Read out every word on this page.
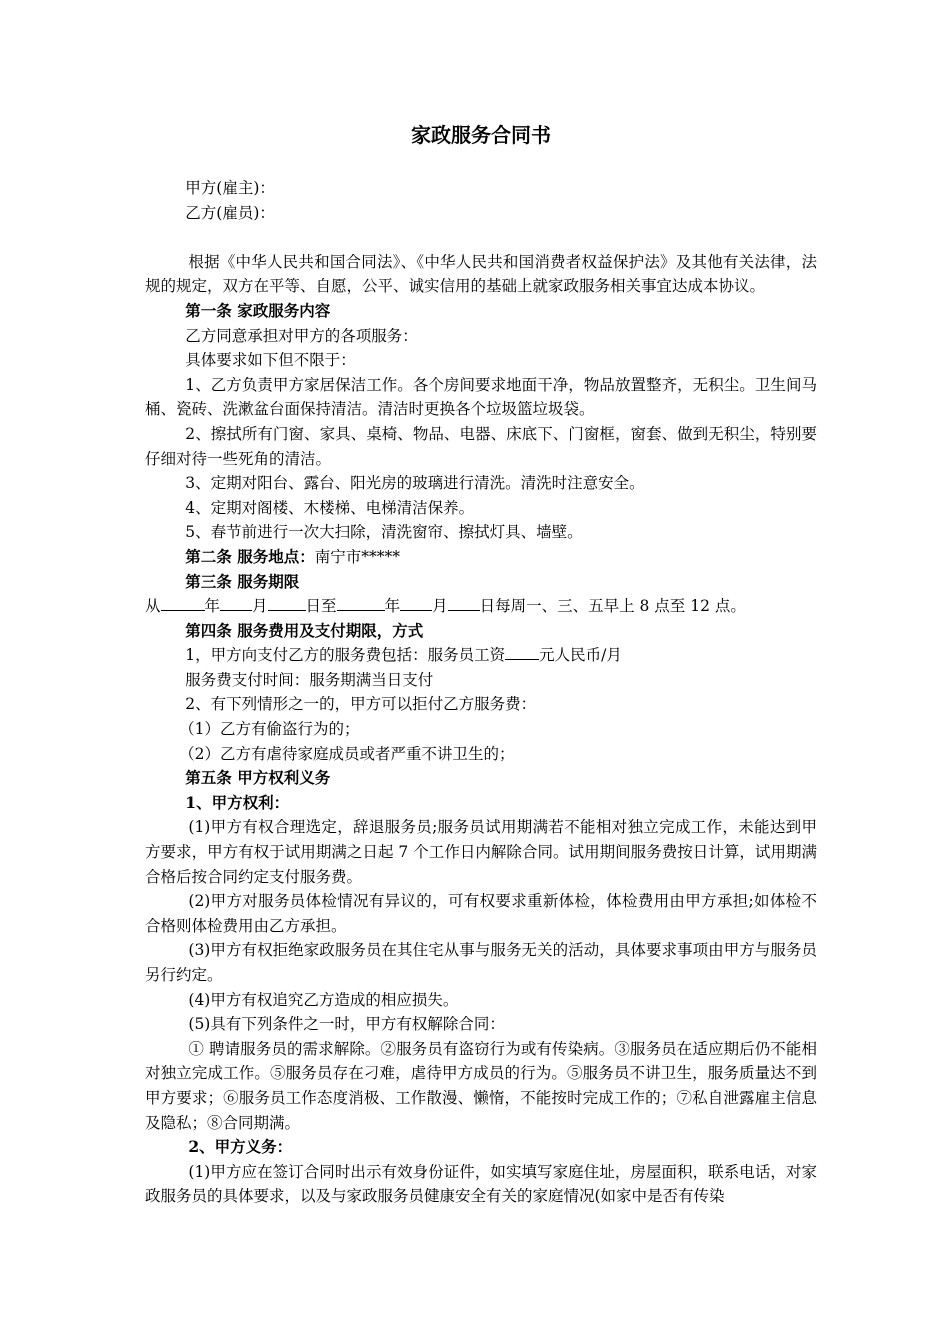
家政服务合同书

甲方(雇主)：

乙方(雇员)：

根据《中华人民共和国合同法》、《中华人民共和国消费者权益保护法》及其他有关法律，法规的规定，双方在平等、自愿，公平、诚实信用的基础上就家政服务相关事宜达成本协议。

第一条 家政服务内容

乙方同意承担对甲方的各项服务：

具体要求如下但不限于：

1、乙方负责甲方家居保洁工作。各个房间要求地面干净，物品放置整齐，无积尘。卫生间马桶、瓷砖、洗漱盆台面保持清洁。清洁时更换各个垃圾篮垃圾袋。

2、擦拭所有门窗、家具、桌椅、物品、电器、床底下、门窗框，窗套、做到无积尘，特别要仔细对待一些死角的清洁。

3、定期对阳台、露台、阳光房的玻璃进行清洗。清洗时注意安全。

4、定期对阁楼、木楼梯、电梯清洁保养。

5、春节前进行一次大扫除，清洗窗帘、擦拭灯具、墙壁。

第二条 服务地点：南宁市*****

第三条 服务期限

从	年 月 日至	年 月 日每周一、三、五早上 8 点至 12 点。

第四条 服务费用及支付期限，方式

1，甲方向支付乙方的服务费包括：服务员工资 元人民币/月

服务费支付时间：服务期满当日支付

2、有下列情形之一的，甲方可以拒付乙方服务费：

（1）乙方有偷盗行为的；

（2）乙方有虐待家庭成员或者严重不讲卫生的；

第五条 甲方权利义务

1、甲方权利：

(1)甲方有权合理选定，辞退服务员;服务员试用期满若不能相对独立完成工作，未能达到甲方要求，甲方有权于试用期满之日起 7 个工作日内解除合同。试用期间服务费按日计算，试用期满合格后按合同约定支付服务费。

(2)甲方对服务员体检情况有异议的，可有权要求重新体检，体检费用由甲方承担;如体检不合格则体检费用由乙方承担。

(3)甲方有权拒绝家政服务员在其住宅从事与服务无关的活动，具体要求事项由甲方与服务员另行约定。

(4)甲方有权追究乙方造成的相应损失。

(5)具有下列条件之一时，甲方有权解除合同：

① 聘请服务员的需求解除。②服务员有盗窃行为或有传染病。③服务员在适应期后仍不能相对独立完成工作。⑤服务员存在刁难，虐待甲方成员的行为。⑤服务员不讲卫生，服务质量达不到甲方要求；⑥服务员工作态度消极、工作散漫、懒惰，不能按时完成工作的；⑦私自泄露雇主信息及隐私；⑧合同期满。

2、甲方义务：

(1)甲方应在签订合同时出示有效身份证件，如实填写家庭住址，房屋面积，联系电话，对家政服务员的具体要求，以及与家政服务员健康安全有关的家庭情况(如家中是否有传染
